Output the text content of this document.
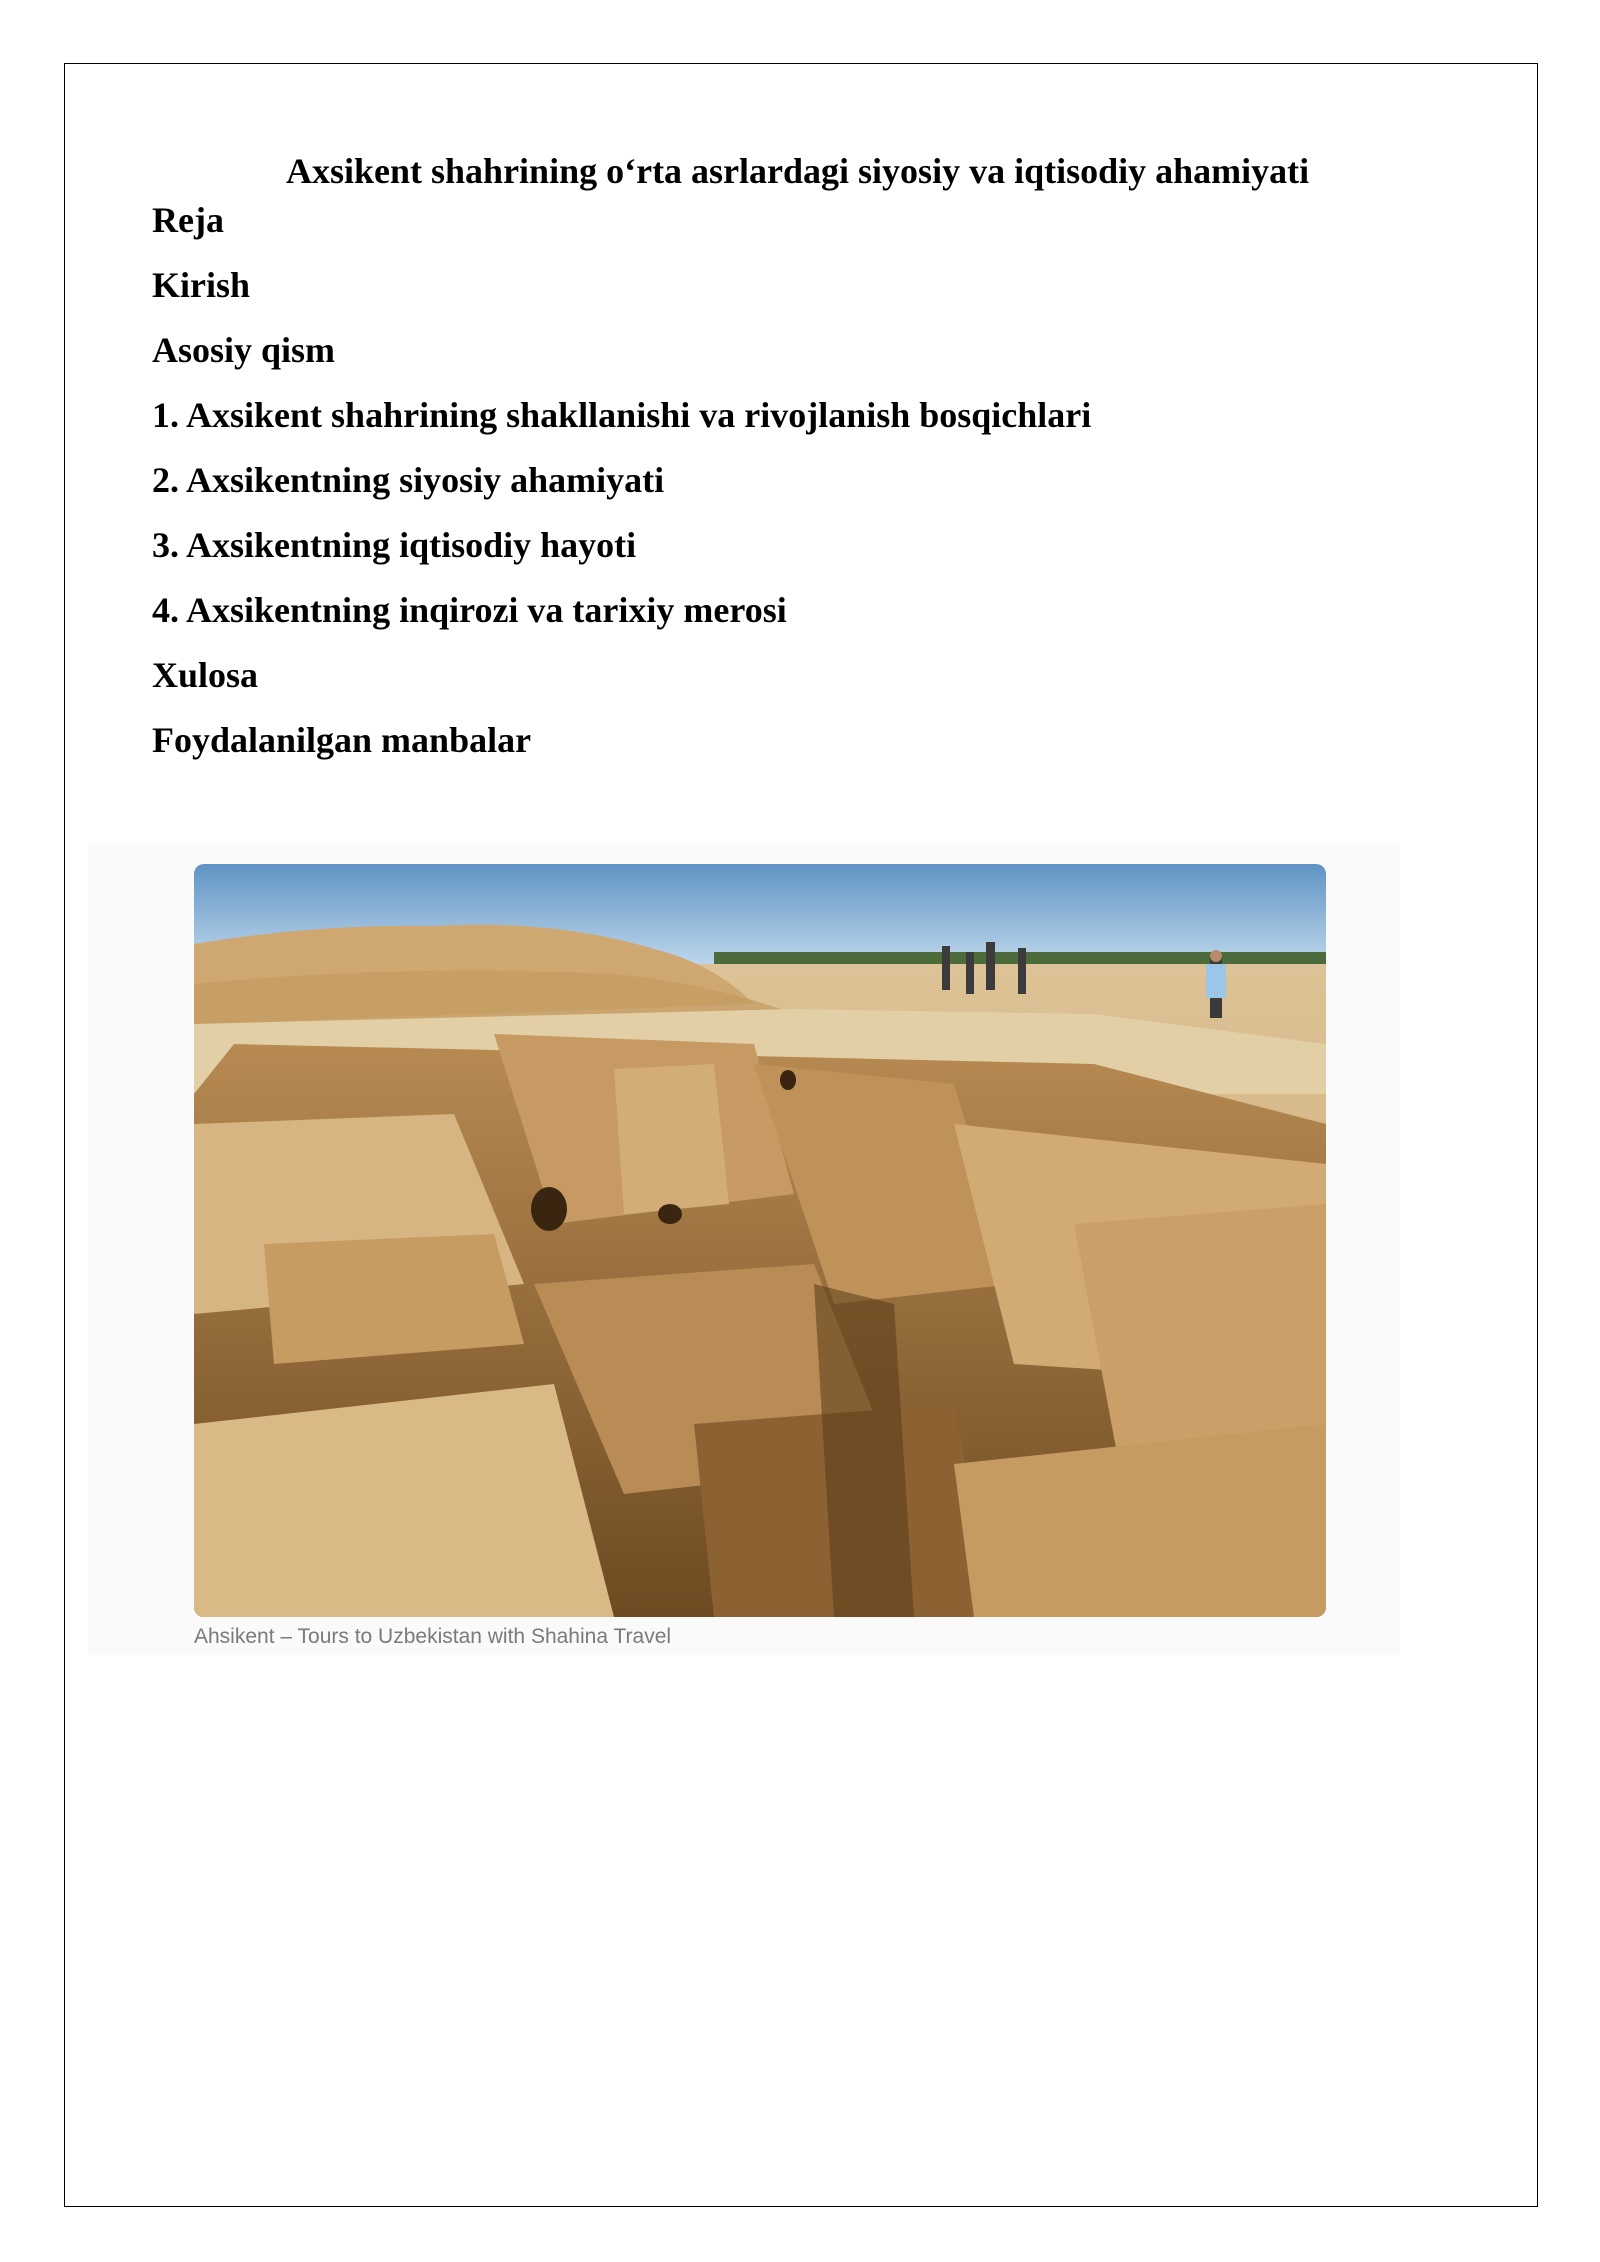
Axsikent shahrining o‘rta asrlardagi siyosiy va iqtisodiy ahamiyati
Reja
Kirish
Asosiy qism
1. Axsikent shahrining shakllanishi va rivojlanish bosqichlari
2. Axsikentning siyosiy ahamiyati
3. Axsikentning iqtisodiy hayoti
4. Axsikentning inqirozi va tarixiy merosi
Xulosa
Foydalanilgan manbalar

Ahsikent – Tours to Uzbekistan with Shahina Travel
